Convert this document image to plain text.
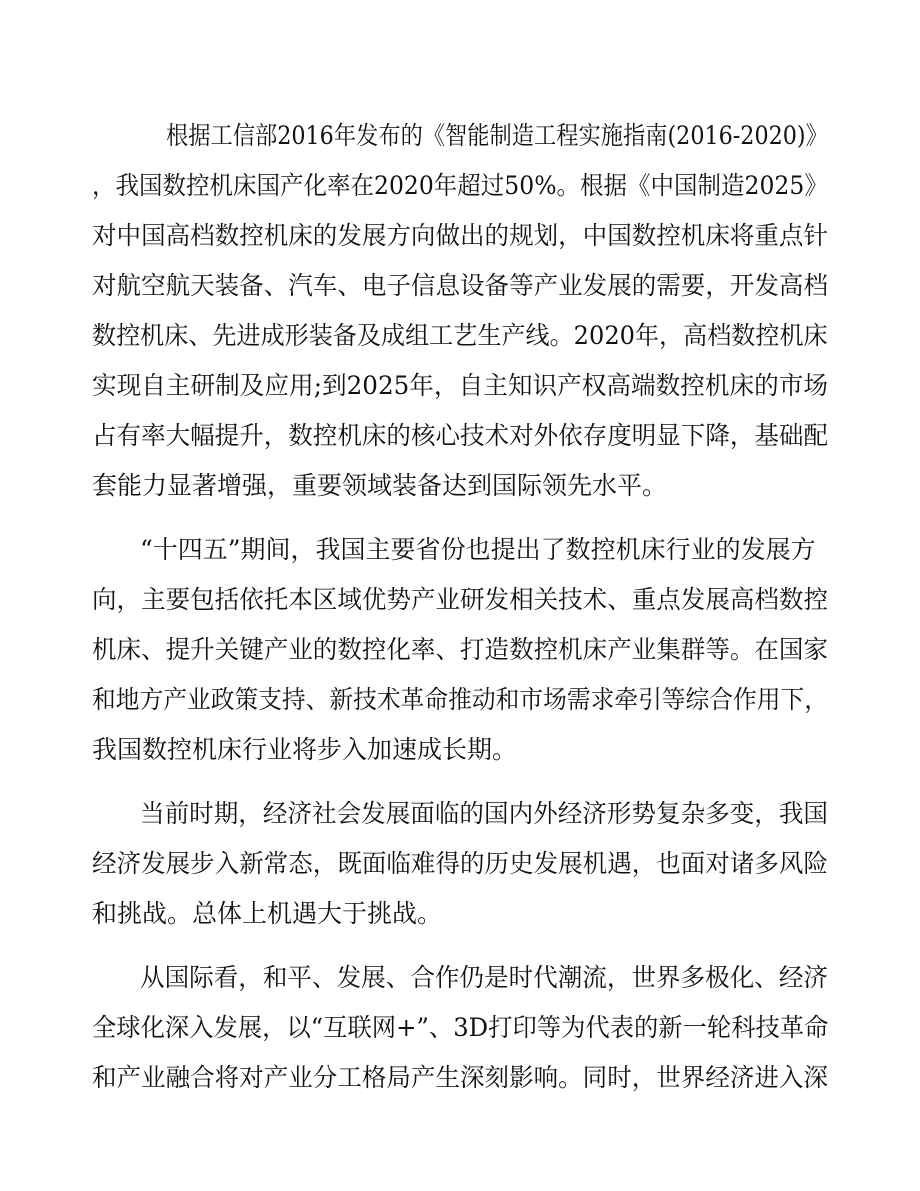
根据工信部2016年发布的《智能制造工程实施指南(2016-2020)》
，我国数控机床国产化率在2020年超过50%。根据《中国制造2025》
对中国高档数控机床的发展方向做出的规划，中国数控机床将重点针
对航空航天装备、汽车、电子信息设备等产业发展的需要，开发高档
数控机床、先进成形装备及成组工艺生产线。2020年，高档数控机床
实现自主研制及应用;到2025年，自主知识产权高端数控机床的市场
占有率大幅提升，数控机床的核心技术对外依存度明显下降，基础配
套能力显著增强，重要领域装备达到国际领先水平。
“十四五”期间，我国主要省份也提出了数控机床行业的发展方
向，主要包括依托本区域优势产业研发相关技术、重点发展高档数控
机床、提升关键产业的数控化率、打造数控机床产业集群等。在国家
和地方产业政策支持、新技术革命推动和市场需求牵引等综合作用下，
我国数控机床行业将步入加速成长期。
当前时期，经济社会发展面临的国内外经济形势复杂多变，我国
经济发展步入新常态，既面临难得的历史发展机遇，也面对诸多风险
和挑战。总体上机遇大于挑战。
从国际看，和平、发展、合作仍是时代潮流，世界多极化、经济
全球化深入发展，以“互联网+”、3D打印等为代表的新一轮科技革命
和产业融合将对产业分工格局产生深刻影响。同时，世界经济进入深
